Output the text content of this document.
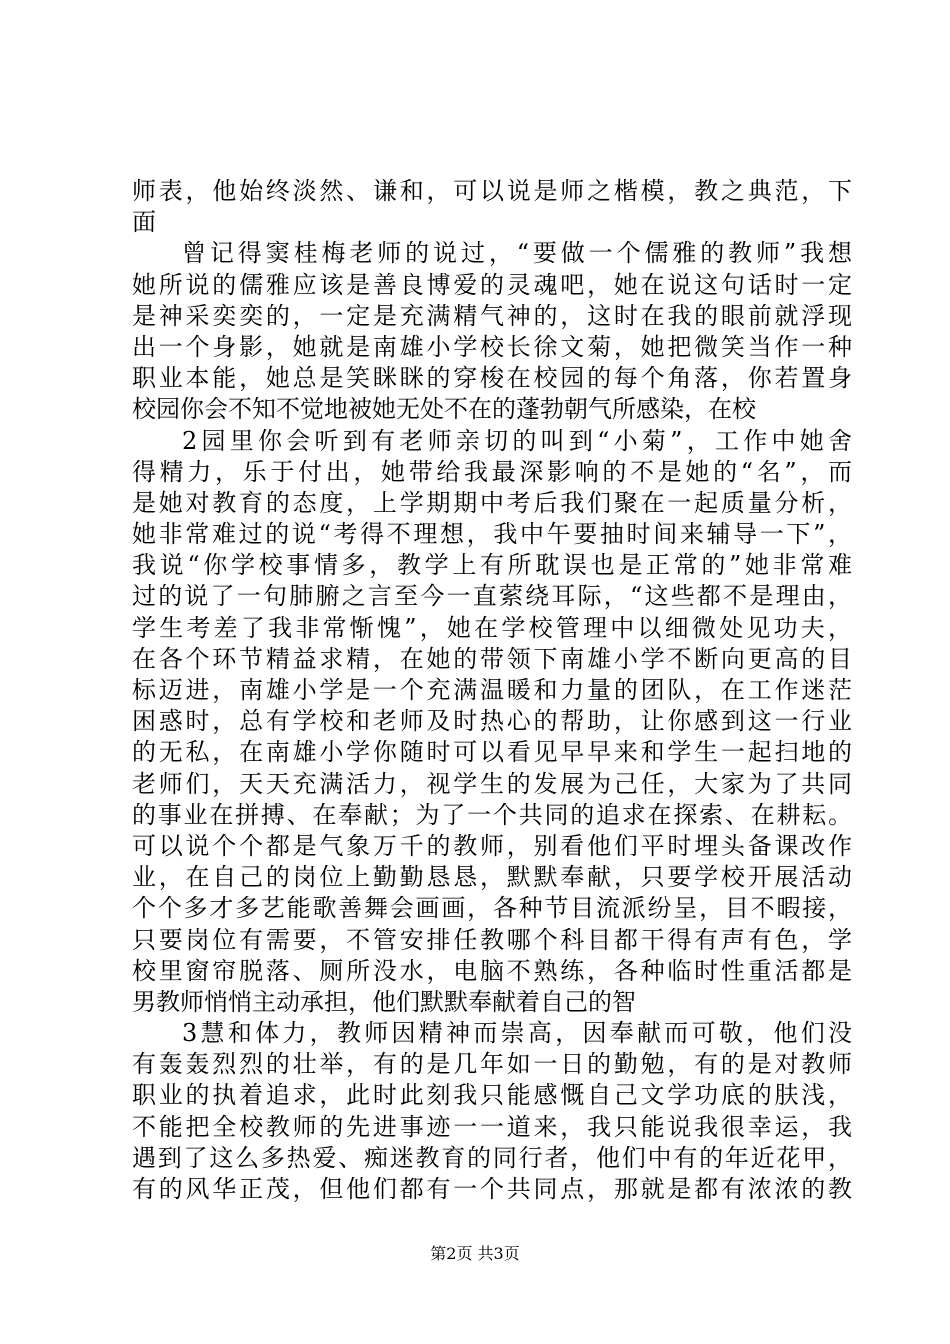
师表，他始终淡然、谦和，可以说是师之楷模，教之典范，下
面
曾记得窦桂梅老师的说过，“要做一个儒雅的教师”我想
她所说的儒雅应该是善良博爱的灵魂吧，她在说这句话时一定
是神采奕奕的，一定是充满精气神的，这时在我的眼前就浮现
出一个身影，她就是南雄小学校长徐文菊，她把微笑当作一种
职业本能，她总是笑眯眯的穿梭在校园的每个角落，你若置身
校园你会不知不觉地被她无处不在的蓬勃朝气所感染，在校
2园里你会听到有老师亲切的叫到“小菊”，工作中她舍
得精力，乐于付出，她带给我最深影响的不是她的“名”，而
是她对教育的态度，上学期期中考后我们聚在一起质量分析，
她非常难过的说“考得不理想，我中午要抽时间来辅导一下”，
我说“你学校事情多，教学上有所耽误也是正常的”她非常难
过的说了一句肺腑之言至今一直萦绕耳际，“这些都不是理由，
学生考差了我非常惭愧”，她在学校管理中以细微处见功夫，
在各个环节精益求精，在她的带领下南雄小学不断向更高的目
标迈进，南雄小学是一个充满温暖和力量的团队，在工作迷茫
困惑时，总有学校和老师及时热心的帮助，让你感到这一行业
的无私，在南雄小学你随时可以看见早早来和学生一起扫地的
老师们，天天充满活力，视学生的发展为己任，大家为了共同
的事业在拼搏、在奉献；为了一个共同的追求在探索、在耕耘。
可以说个个都是气象万千的教师，别看他们平时埋头备课改作
业，在自己的岗位上勤勤恳恳，默默奉献，只要学校开展活动
个个多才多艺能歌善舞会画画，各种节目流派纷呈，目不暇接，
只要岗位有需要，不管安排任教哪个科目都干得有声有色，学
校里窗帘脱落、厕所没水，电脑不熟练，各种临时性重活都是
男教师悄悄主动承担，他们默默奉献着自己的智
3慧和体力，教师因精神而崇高，因奉献而可敬，他们没
有轰轰烈烈的壮举，有的是几年如一日的勤勉，有的是对教师
职业的执着追求，此时此刻我只能感慨自己文学功底的肤浅，
不能把全校教师的先进事迹一一道来，我只能说我很幸运，我
遇到了这么多热爱、痴迷教育的同行者，他们中有的年近花甲，
有的风华正茂，但他们都有一个共同点，那就是都有浓浓的教
第2页 共3页
